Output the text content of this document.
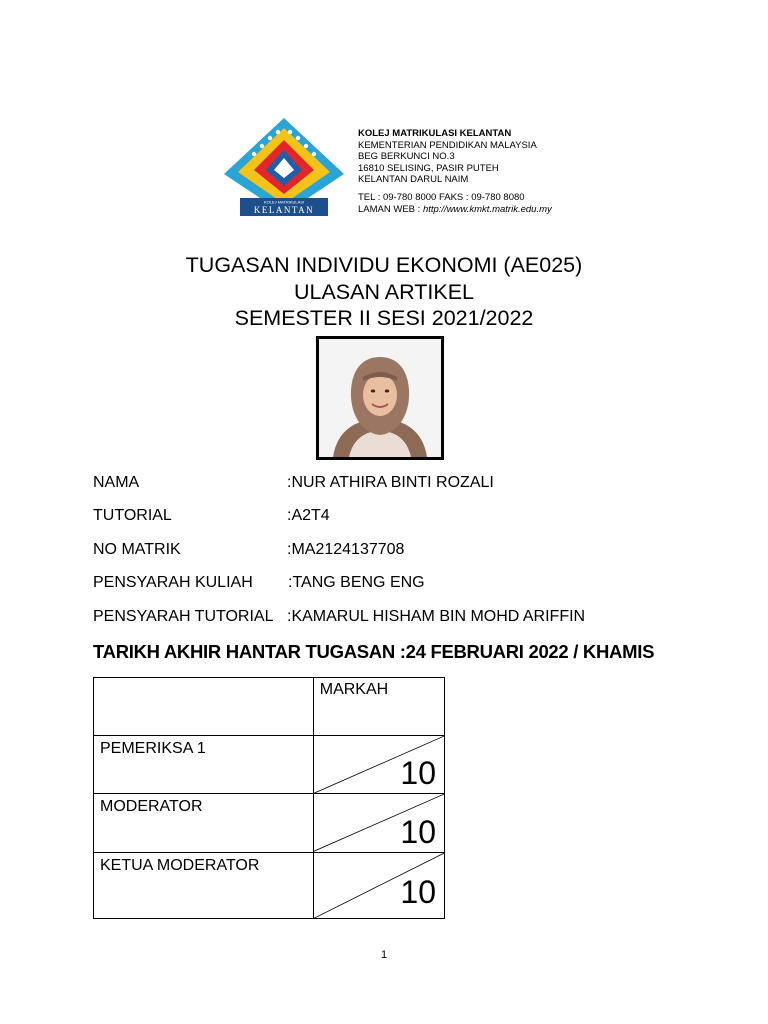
KOLEJ MATRIKULASI
KELANTAN
KOLEJ MATRIKULASI KELANTAN
KEMENTERIAN PENDIDIKAN MALAYSIA
BEG BERKUNCI NO.3
16810 SELISING, PASIR PUTEH
KELANTAN DARUL NAIM
TEL : 09-780 8000 FAKS : 09-780 8080
LAMAN WEB : http://www.kmkt.matrik.edu.my
TUGASAN INDIVIDU EKONOMI (AE025)
ULASAN ARTIKEL
SEMESTER II SESI 2021/2022
NAMA	:NUR ATHIRA BINTI ROZALI
TUTORIAL	:A2T4
NO MATRIK	:MA2124137708
PENSYARAH KULIAH :TANG BENG ENG
PENSYARAH TUTORIAL :KAMARUL HISHAM BIN MOHD ARIFFIN
TARIKH AKHIR HANTAR TUGASAN :24 FEBRUARI 2022 / KHAMIS

	MARKAH

PEMERIKSA 1	10

MODERATOR	10

KETUA MODERATOR	10
1
